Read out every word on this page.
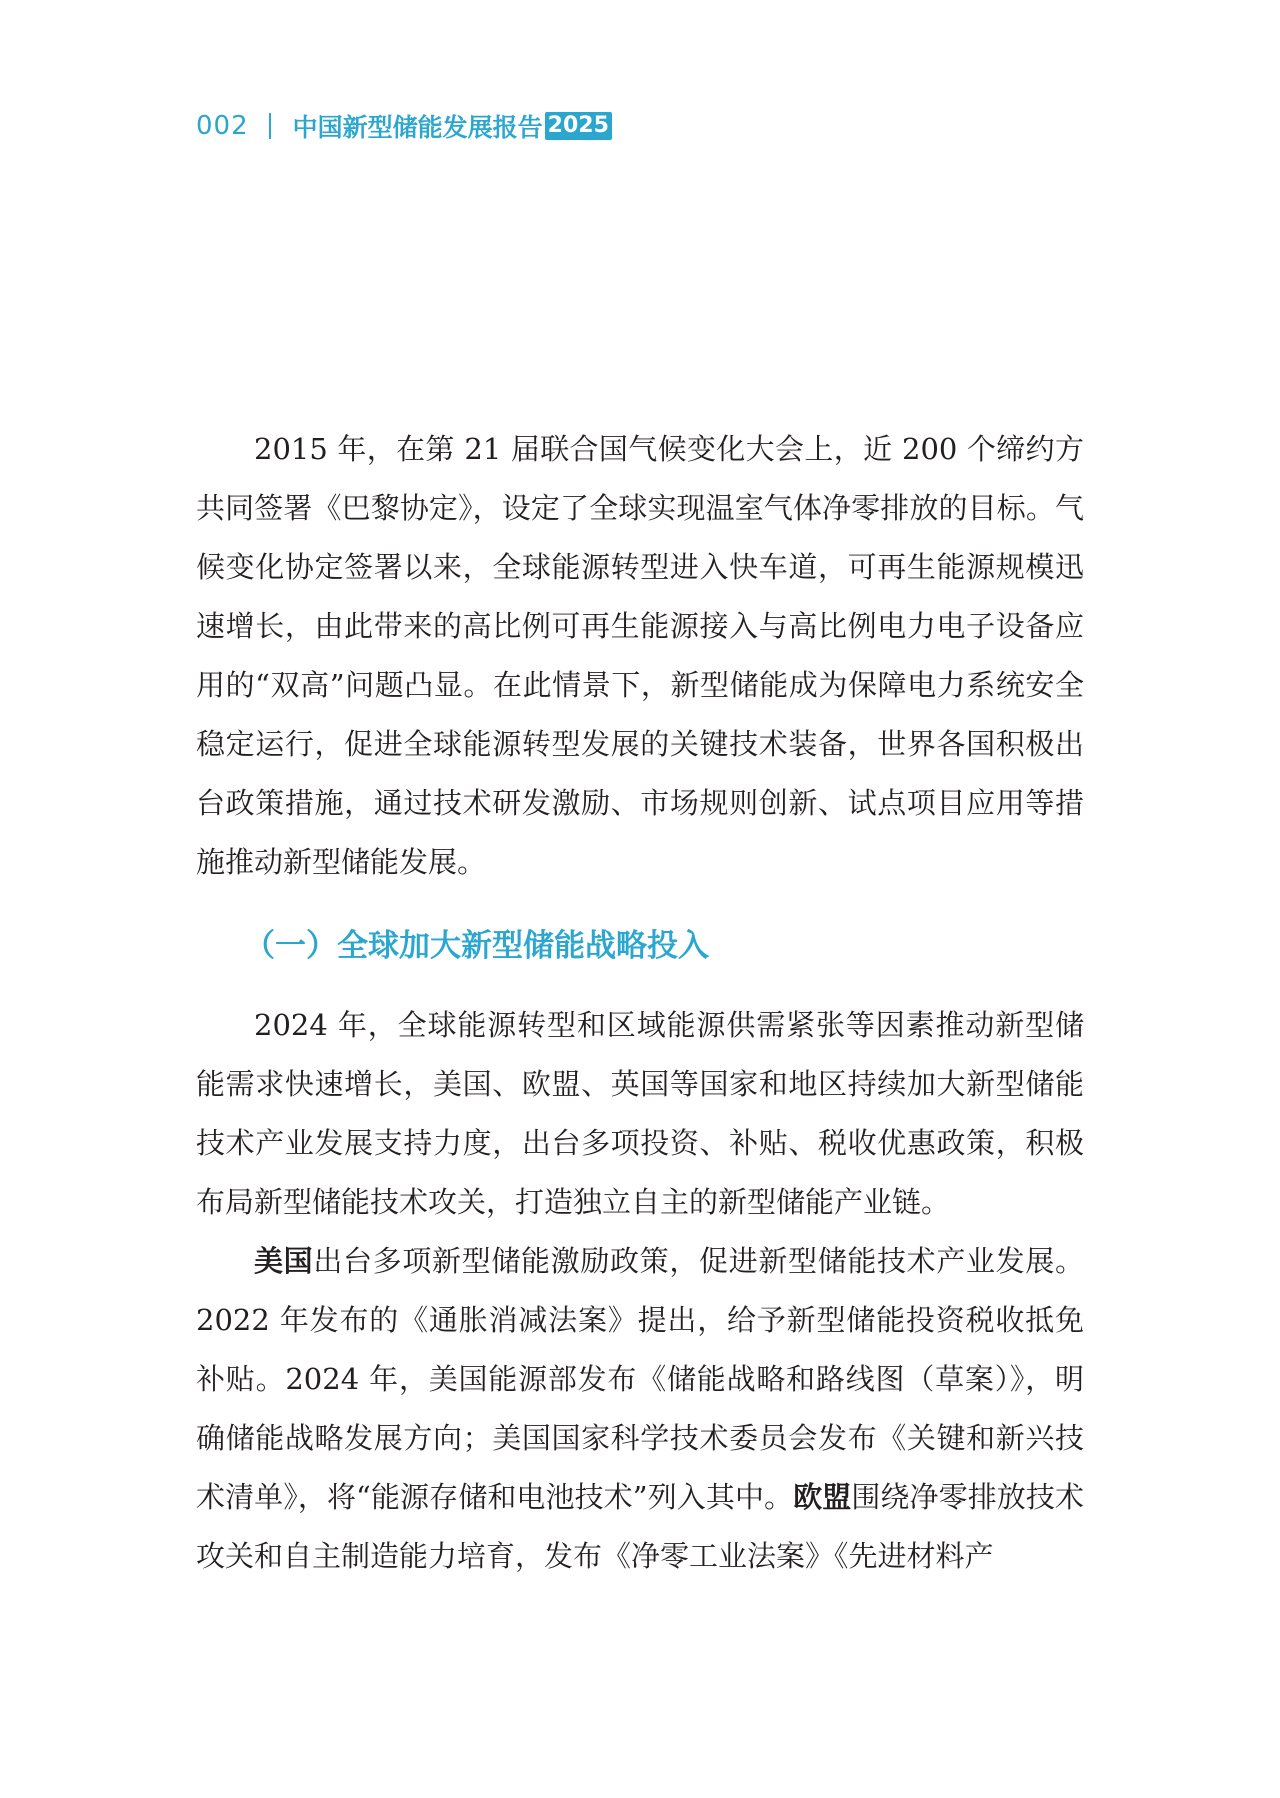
002 中国新型储能发展报告 2025

2015 年，在第 21 届联合国气候变化大会上，近 200 个缔约方共同签署《巴黎协定》，设定了全球实现温室气体净零排放的目标。气候变化协定签署以来，全球能源转型进入快车道，可再生能源规模迅速增长，由此带来的高比例可再生能源接入与高比例电力电子设备应用的“双高”问题凸显。在此情景下，新型储能成为保障电力系统安全稳定运行，促进全球能源转型发展的关键技术装备，世界各国积极出台政策措施，通过技术研发激励、市场规则创新、试点项目应用等措施推动新型储能发展。

（一）全球加大新型储能战略投入

2024 年，全球能源转型和区域能源供需紧张等因素推动新型储能需求快速增长，美国、欧盟、英国等国家和地区持续加大新型储能技术产业发展支持力度，出台多项投资、补贴、税收优惠政策，积极布局新型储能技术攻关，打造独立自主的新型储能产业链。

美国出台多项新型储能激励政策，促进新型储能技术产业发展。2022 年发布的《通胀消减法案》提出，给予新型储能投资税收抵免补贴。2024 年，美国能源部发布《储能战略和路线图（草案）》，明确储能战略发展方向；美国国家科学技术委员会发布《关键和新兴技术清单》，将“能源存储和电池技术”列入其中。欧盟围绕净零排放技术攻关和自主制造能力培育，发布《净零工业法案》《先进材料产
